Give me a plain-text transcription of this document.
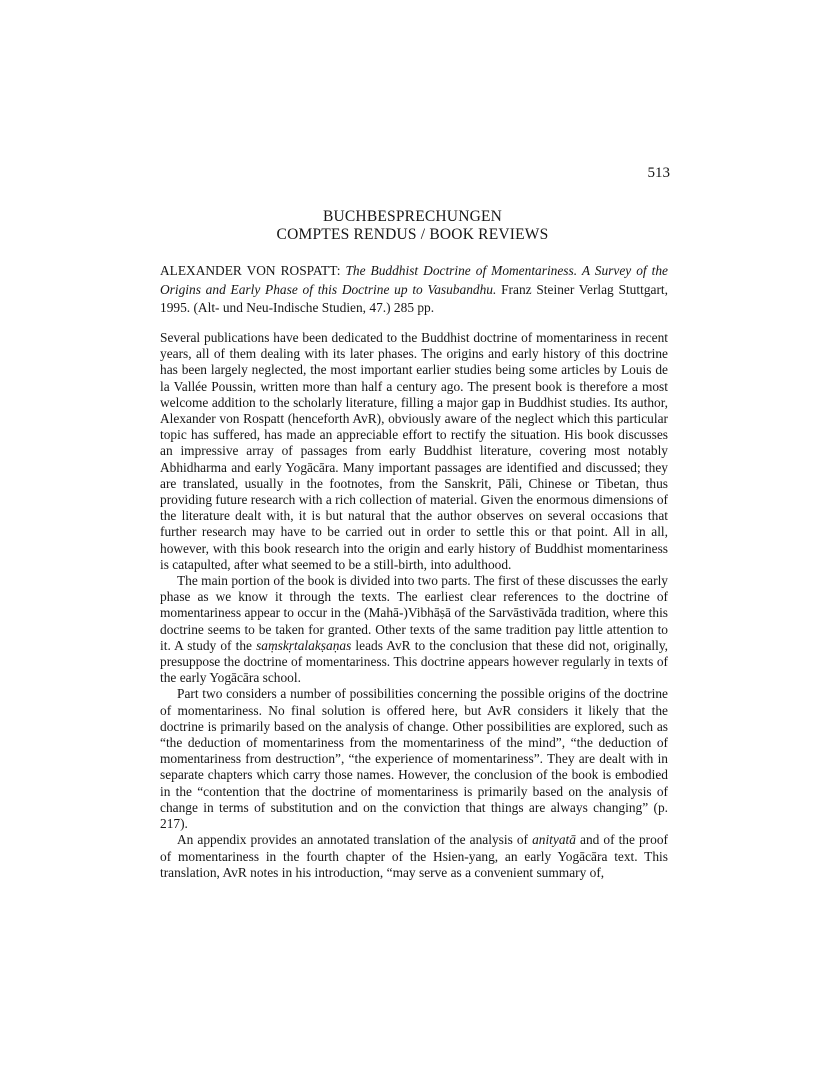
513
BUCHBESPRECHUNGEN
COMPTES RENDUS / BOOK REVIEWS
ALEXANDER VON ROSPATT: The Buddhist Doctrine of Momentariness. A Survey of the Origins and Early Phase of this Doctrine up to Vasubandhu. Franz Steiner Verlag Stuttgart, 1995. (Alt- und Neu-Indische Studien, 47.) 285 pp.

Several publications have been dedicated to the Buddhist doctrine of momentariness in recent years, all of them dealing with its later phases. The origins and early history of this doctrine has been largely neglected, the most important earlier studies being some articles by Louis de la Vallée Poussin, written more than half a century ago. The present book is therefore a most welcome addition to the scholarly literature, filling a major gap in Buddhist studies. Its author, Alexander von Rospatt (henceforth AvR), obviously aware of the neglect which this particular topic has suffered, has made an appreciable effort to rectify the situation. His book discusses an impressive array of passages from early Buddhist literature, covering most notably Abhidharma and early Yogācāra. Many important passages are identified and discussed; they are translated, usually in the footnotes, from the Sanskrit, Pāli, Chinese or Tibetan, thus providing future research with a rich collection of material. Given the enormous dimensions of the literature dealt with, it is but natural that the author observes on several occasions that further research may have to be carried out in order to settle this or that point. All in all, however, with this book research into the origin and early history of Buddhist momentariness is catapulted, after what seemed to be a still-birth, into adulthood.

The main portion of the book is divided into two parts. The first of these discusses the early phase as we know it through the texts. The earliest clear references to the doctrine of momentariness appear to occur in the (Mahā-)Vibhāṣā of the Sarvāstivāda tradition, where this doctrine seems to be taken for granted. Other texts of the same tradition pay little attention to it. A study of the saṃskṛtalakṣaṇas leads AvR to the conclusion that these did not, originally, presuppose the doctrine of momentariness. This doctrine appears however regularly in texts of the early Yogācāra school.

Part two considers a number of possibilities concerning the possible origins of the doctrine of momentariness. No final solution is offered here, but AvR considers it likely that the doctrine is primarily based on the analysis of change. Other possibilities are explored, such as “the deduction of momentariness from the momentariness of the mind”, “the deduction of momentariness from destruction”, “the experience of momentariness”. They are dealt with in separate chapters which carry those names. However, the conclusion of the book is embodied in the “contention that the doctrine of momentariness is primarily based on the analysis of change in terms of substitution and on the conviction that things are always changing” (p. 217).

An appendix provides an annotated translation of the analysis of anityatā and of the proof of momentariness in the fourth chapter of the Hsien-yang, an early Yogācāra text. This translation, AvR notes in his introduction, “may serve as a convenient summary of,
